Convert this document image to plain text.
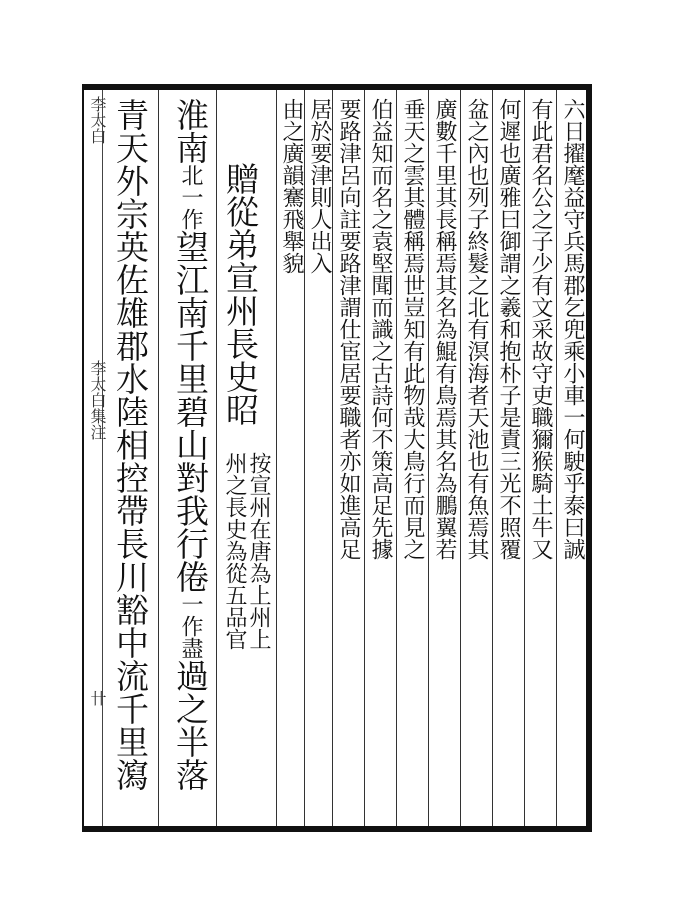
李太白
李太白集注
卄
六日擢麾益守兵馬郡乞兜乘小車一何駛乎泰曰誠
有此君名公之子少有文采故守吏職獮猴騎土牛又
何遲也廣雅曰御謂之羲和抱朴子是責三光不照覆
盆之內也列子終髮之北有溟海者天池也有魚焉其
廣數千里其長稱焉其名為鯤有鳥焉其名為鵬翼若
垂天之雲其體稱焉世豈知有此物哉大鳥行而見之
伯益知而名之袁堅聞而識之古詩何不策高足先據
要路津呂向註要路津謂仕宦居要職者亦如進高足
居於要津則人出入
由之廣韻騫飛舉貌
贈從弟宣州長史昭
按宣州在唐為上州上
州之長史為從五品官
淮南北一作望江南千里碧山對我行倦一作盡過之半落
青天外宗英佐雄郡水陸相控帶長川豁中流千里瀉
